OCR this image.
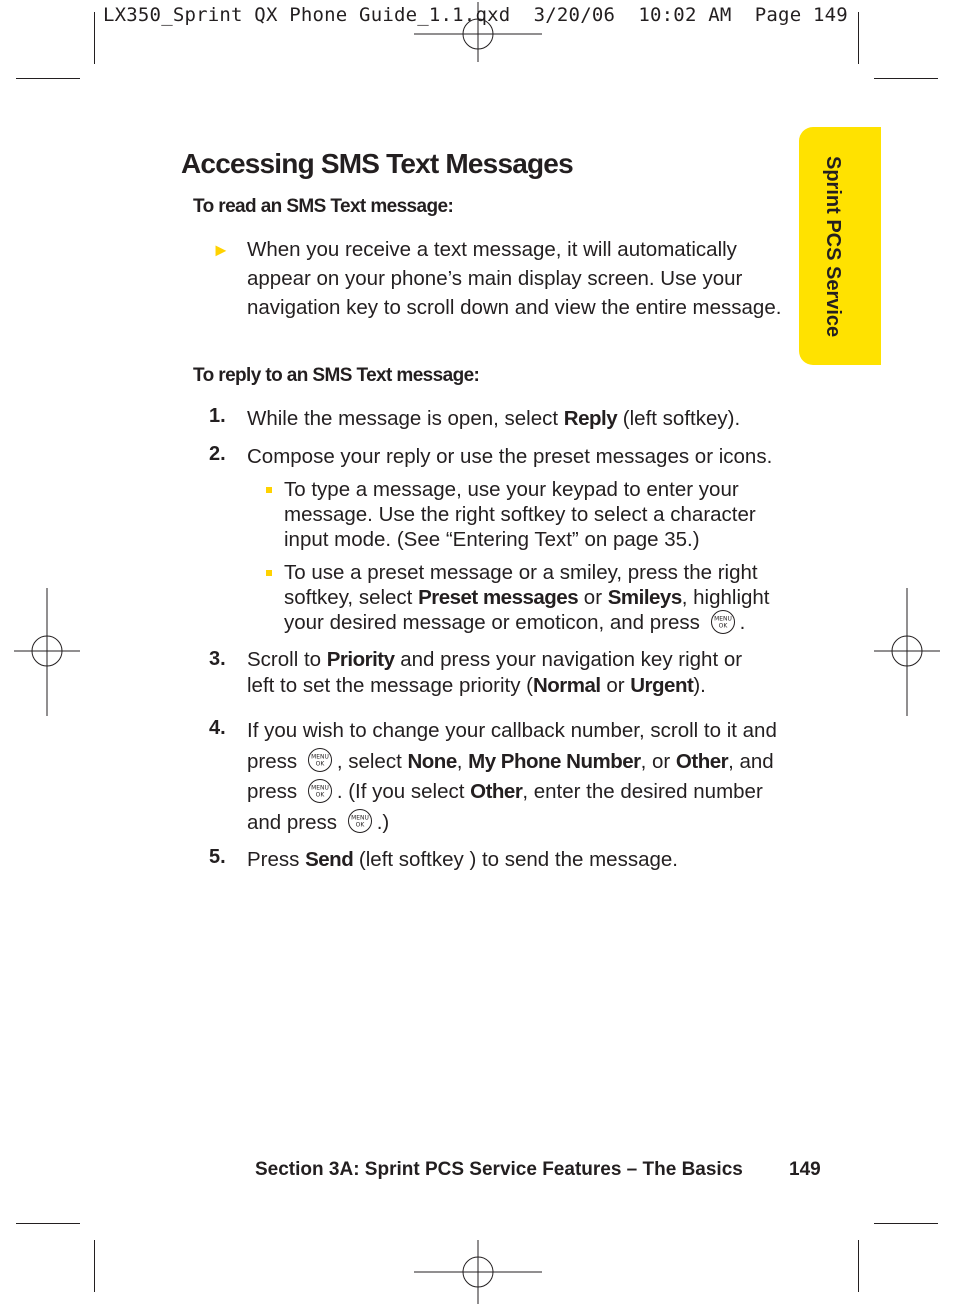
LX350_Sprint QX Phone Guide_1.1.qxd  3/20/06  10:02 AM  Page 149
Sprint PCS Service
Accessing SMS Text Messages
To read an SMS Text message:
► When you receive a text message, it will automatically appear on your phone’s main display screen. Use your navigation key to scroll down and view the entire message.
To reply to an SMS Text message:
1. While the message is open, select Reply (left softkey).
2. Compose your reply or use the preset messages or icons.
To type a message, use your keypad to enter your message. Use the right softkey to select a character input mode. (See “Entering Text” on page 35.)
To use a preset message or a smiley, press the right softkey, select Preset messages or Smileys, highlight your desired message or emoticon, and press MENU
OK .
3. Scroll to Priority and press your navigation key right or left to set the message priority (Normal or Urgent).
4. If you wish to change your callback number, scroll to it and press MENU
OK , select None, My Phone Number, or Other, and press MENU
OK . (If you select Other, enter the desired number and press MENU
OK .)
5. Press Send (left softkey ) to send the message.
Section 3A: Sprint PCS Service Features – The Basics 149
